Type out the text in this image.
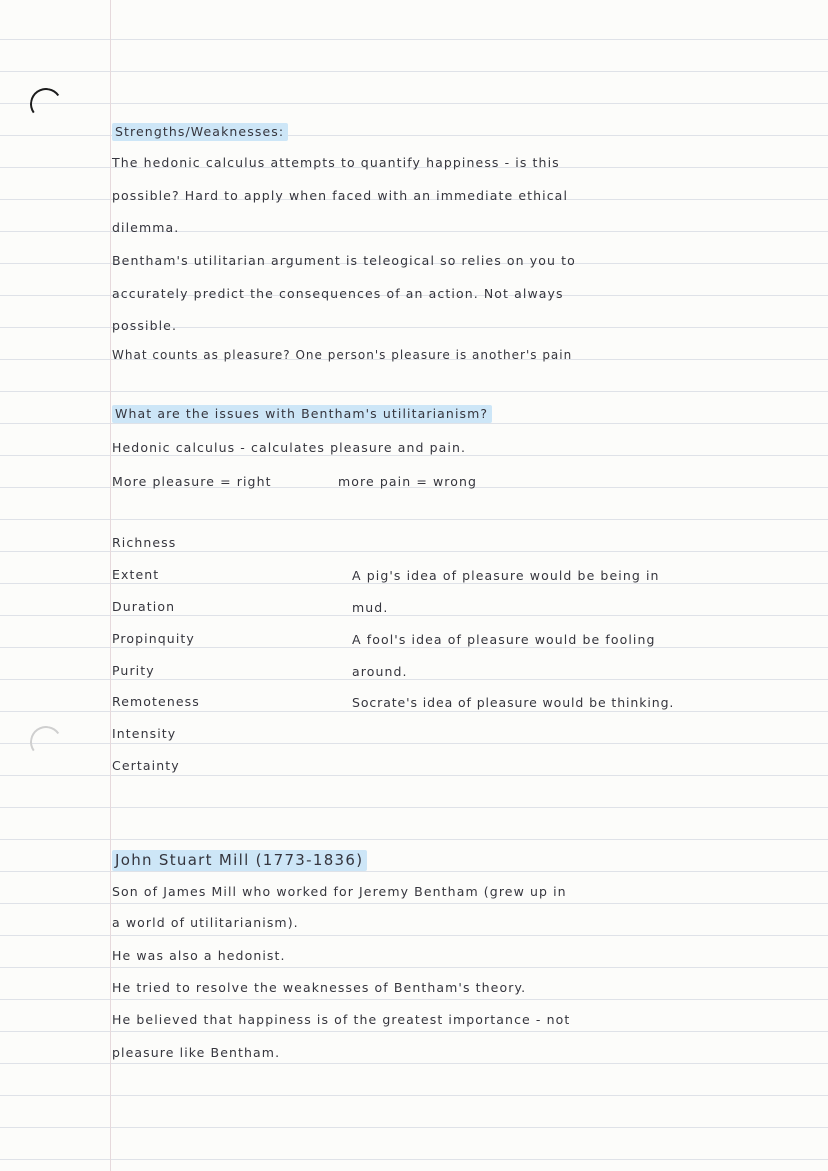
Strengths/Weaknesses:
The hedonic calculus attempts to quantify happiness - is this
possible? Hard to apply when faced with an immediate ethical
dilemma.
Bentham's utilitarian argument is teleogical so relies on you to
accurately predict the consequences of an action. Not always
possible.
What counts as pleasure? One person's pleasure is another's pain
What are the issues with Bentham's utilitarianism?
Hedonic calculus - calculates pleasure and pain.
More pleasure = right	more pain = wrong
Richness
Extent
Duration
Propinquity
Purity
Remoteness
Intensity
Certainty
A pig's idea of pleasure would be being in
mud.
A fool's idea of pleasure would be fooling
around.
Socrate's idea of pleasure would be thinking.
John Stuart Mill (1773-1836)
Son of James Mill who worked for Jeremy Bentham (grew up in
a world of utilitarianism).
He was also a hedonist.
He tried to resolve the weaknesses of Bentham's theory.
He believed that happiness is of the greatest importance - not
pleasure like Bentham.
